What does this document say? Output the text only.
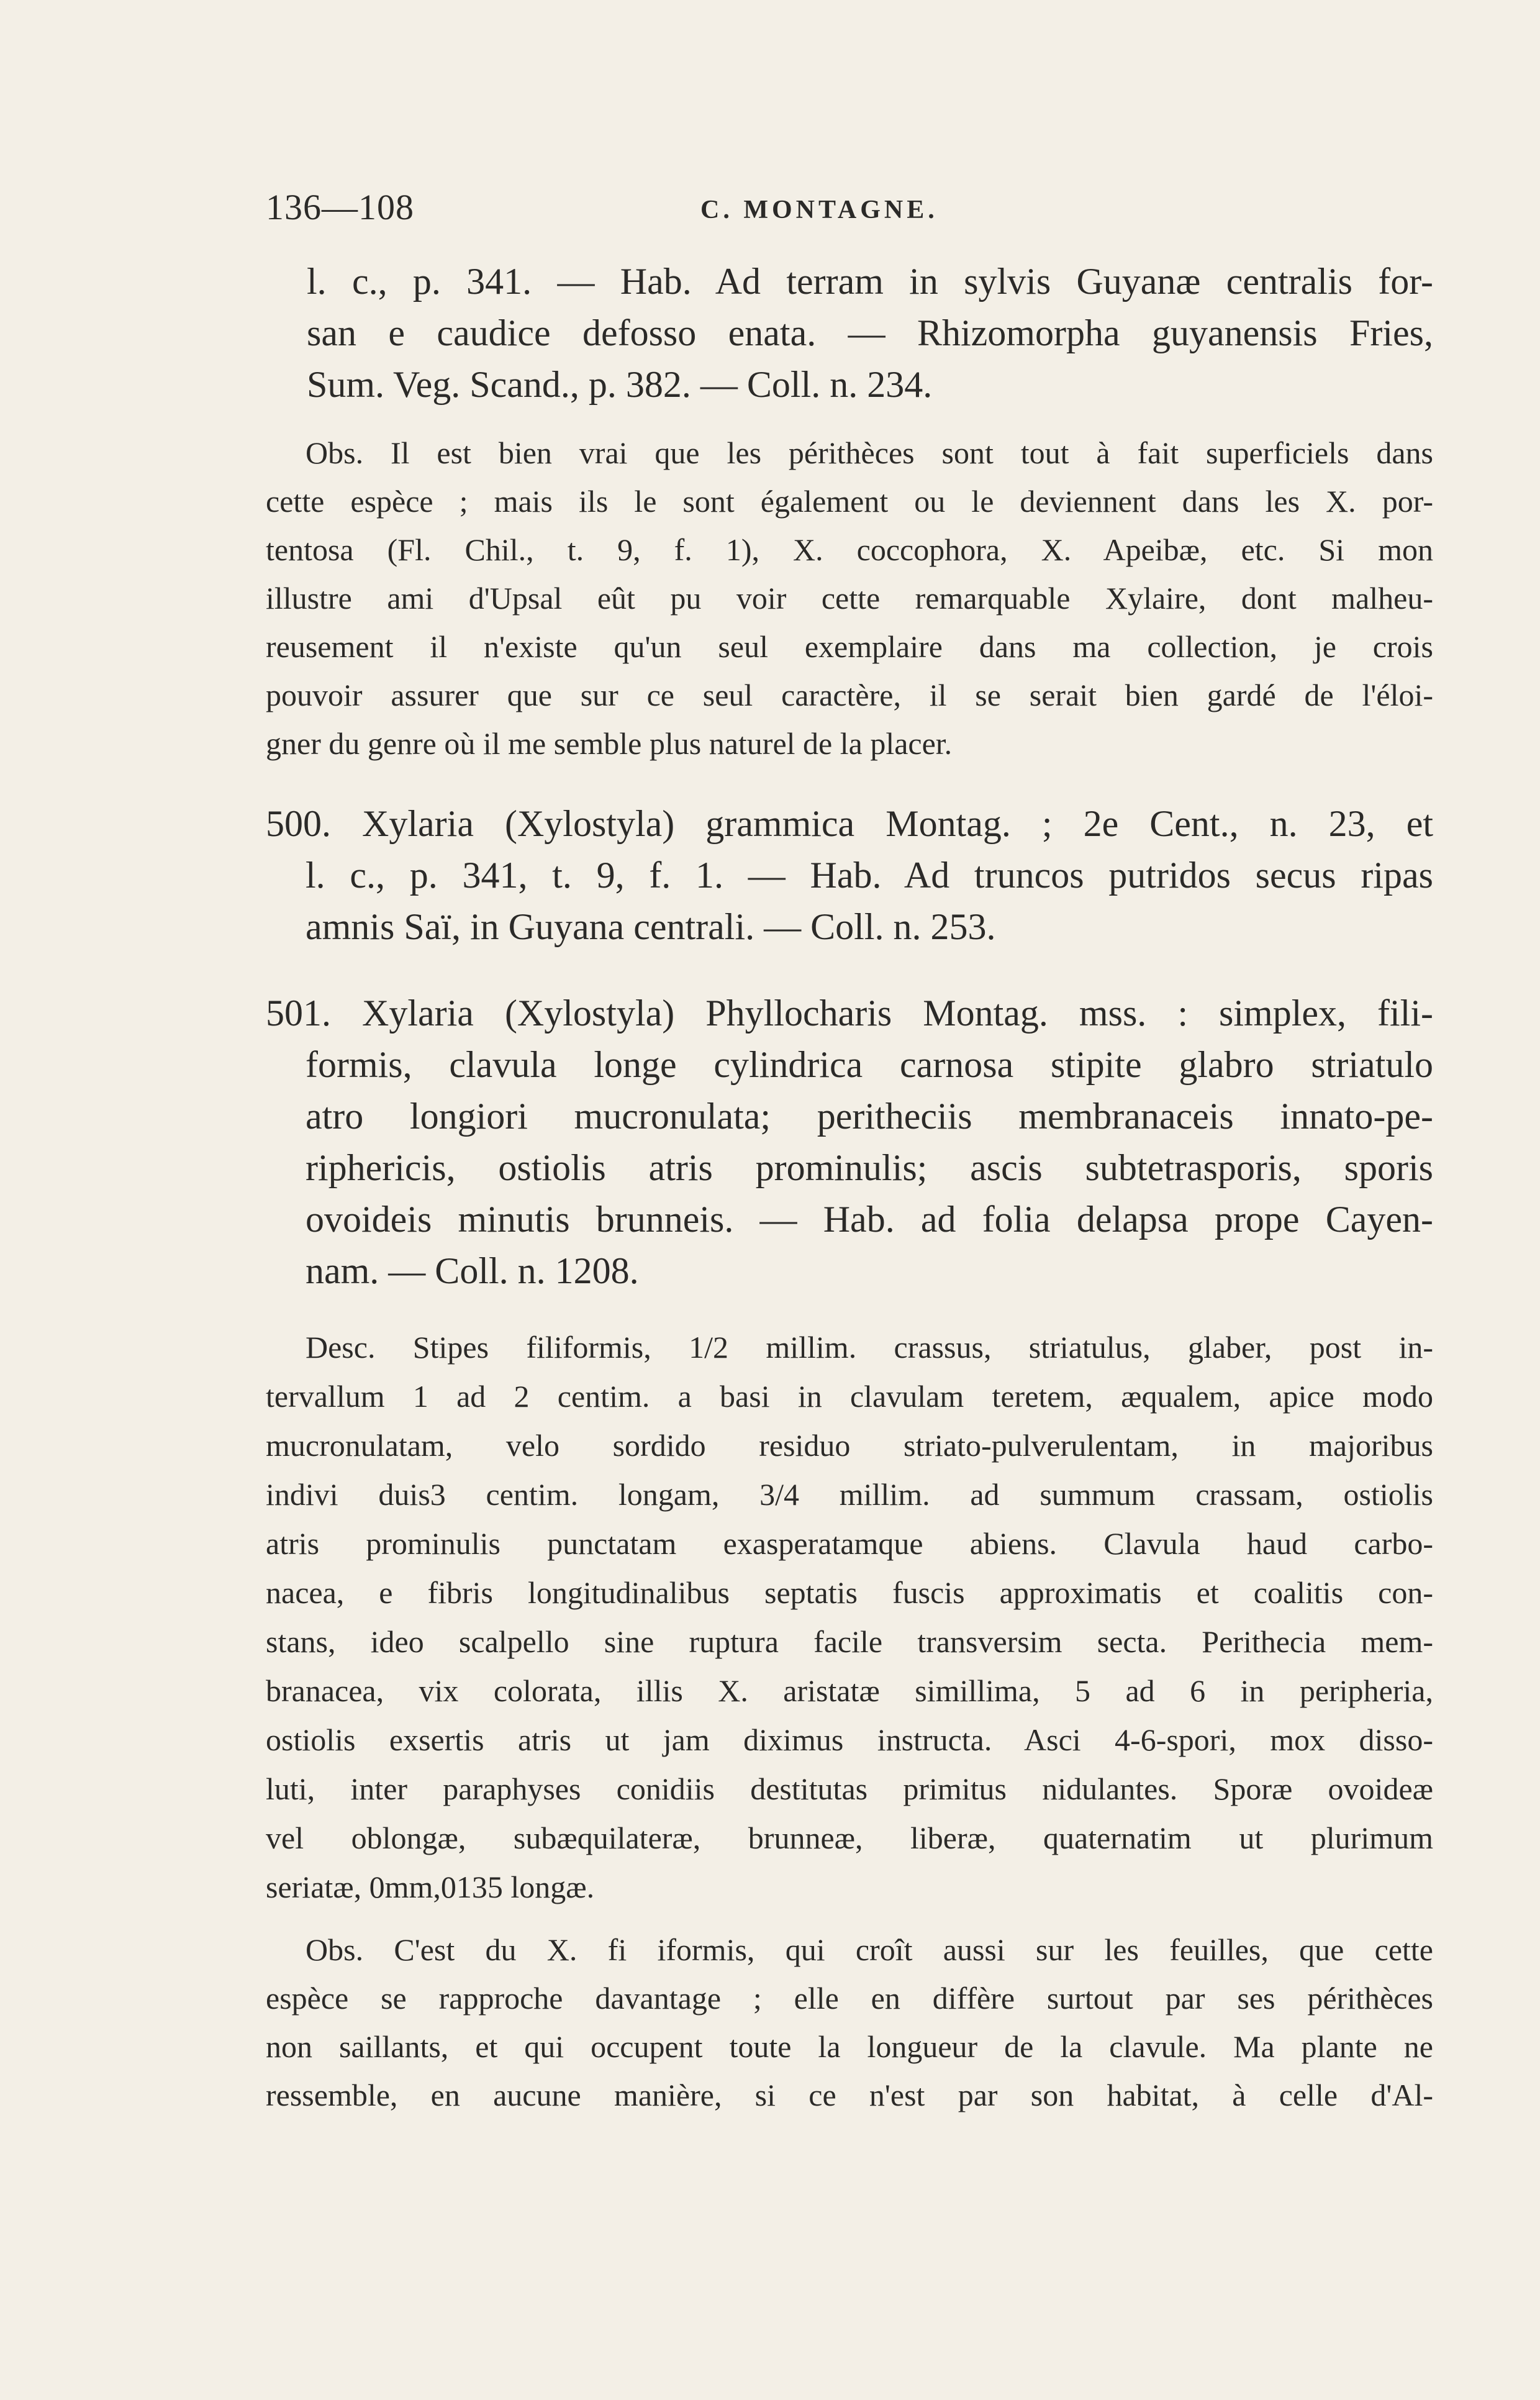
136—108	C. MONTAGNE.
l. c., p. 341. — Hab. Ad terram in sylvis Guyanæ centralis for-
san e caudice defosso enata. — Rhizomorpha guyanensis Fries,
Sum. Veg. Scand., p. 382. — Coll. n. 234.
Obs. Il est bien vrai que les périthèces sont tout à fait superficiels dans
cette espèce ; mais ils le sont également ou le deviennent dans les X. por-
tentosa (Fl. Chil., t. 9, f. 1), X. coccophora, X. Apeibæ, etc. Si mon
illustre ami d'Upsal eût pu voir cette remarquable Xylaire, dont malheu-
reusement il n'existe qu'un seul exemplaire dans ma collection, je crois
pouvoir assurer que sur ce seul caractère, il se serait bien gardé de l'éloi-
gner du genre où il me semble plus naturel de la placer.
500. Xylaria (Xylostyla) grammica Montag. ; 2e Cent., n. 23, et
l. c., p. 341, t. 9, f. 1. — Hab. Ad truncos putridos secus ripas
amnis Saï, in Guyana centrali. — Coll. n. 253.
501. Xylaria (Xylostyla) Phyllocharis Montag. mss. : simplex, fili-
formis, clavula longe cylindrica carnosa stipite glabro striatulo
atro longiori mucronulata; peritheciis membranaceis innato-pe-
riphericis, ostiolis atris prominulis; ascis subtetrasporis, sporis
ovoideis minutis brunneis. — Hab. ad folia delapsa prope Cayen-
nam. — Coll. n. 1208.
Desc. Stipes filiformis, 1/2 millim. crassus, striatulus, glaber, post in-
tervallum 1 ad 2 centim. a basi in clavulam teretem, æqualem, apice modo
mucronulatam, velo sordido residuo striato-pulverulentam, in majoribus
indivi duis3 centim. longam, 3/4 millim. ad summum crassam, ostiolis
atris prominulis punctatam exasperatamque abiens. Clavula haud carbo-
nacea, e fibris longitudinalibus septatis fuscis approximatis et coalitis con-
stans, ideo scalpello sine ruptura facile transversim secta. Perithecia mem-
branacea, vix colorata, illis X. aristatæ simillima, 5 ad 6 in peripheria,
ostiolis exsertis atris ut jam diximus instructa. Asci 4-6-spori, mox disso-
luti, inter paraphyses conidiis destitutas primitus nidulantes. Sporæ ovoideæ
vel oblongæ, subæquilateræ, brunneæ, liberæ, quaternatim ut plurimum
seriatæ, 0mm,0135 longæ.
Obs. C'est du X. fi iformis, qui croît aussi sur les feuilles, que cette
espèce se rapproche davantage ; elle en diffère surtout par ses périthèces
non saillants, et qui occupent toute la longueur de la clavule. Ma plante ne
ressemble, en aucune manière, si ce n'est par son habitat, à celle d'Al-
